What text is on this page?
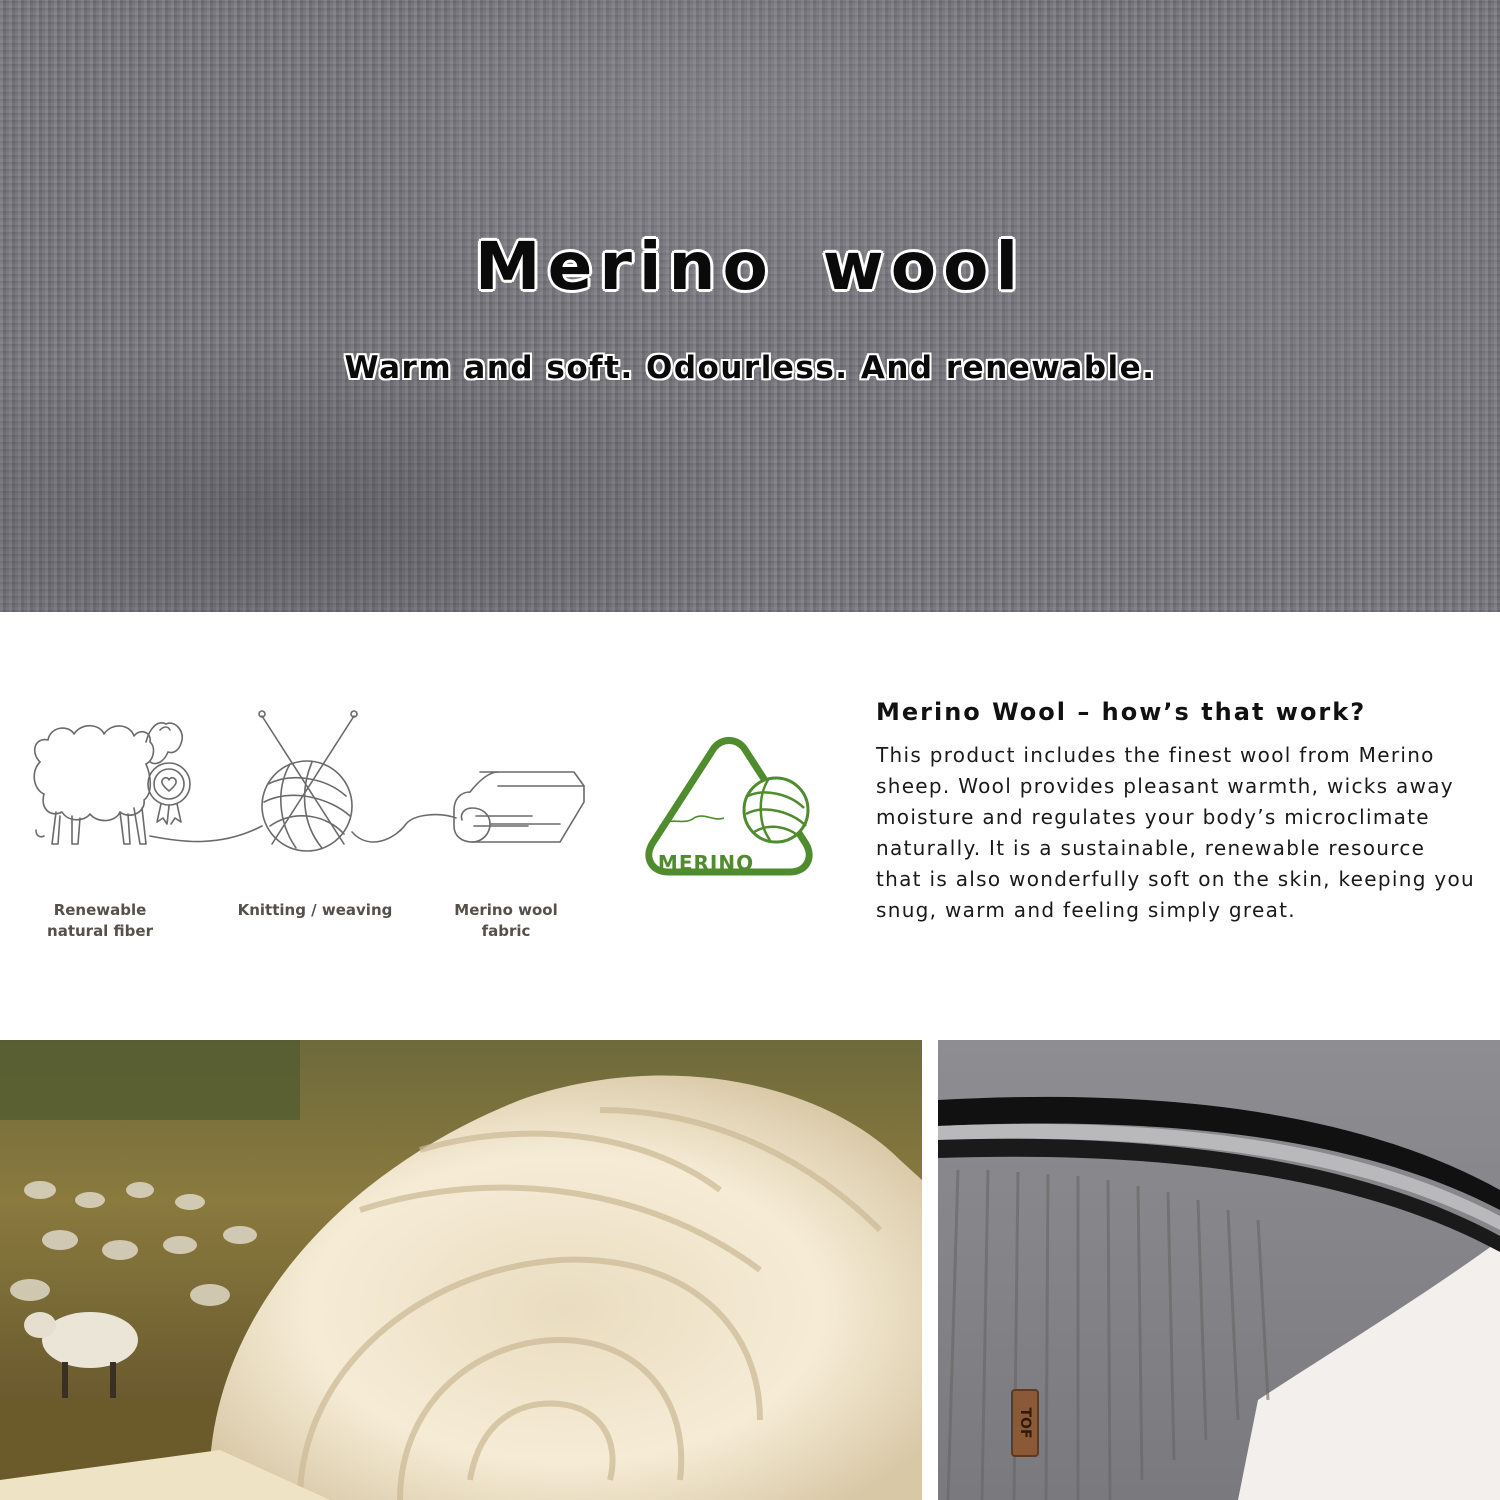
Merino wool

Warm and soft. Odourless. And renewable.

MERINO
Renewable
natural fiber
Knitting / weaving	Merino wool
fabric
Merino Wool – how’s that work?

This product includes the finest wool from Merino sheep. Wool provides pleasant warmth, wicks away moisture and regulates your body’s microclimate naturally. It is a sustainable, renewable resource that is also wonderfully soft on the skin, keeping you snug, warm and feeling simply great.

TOF
